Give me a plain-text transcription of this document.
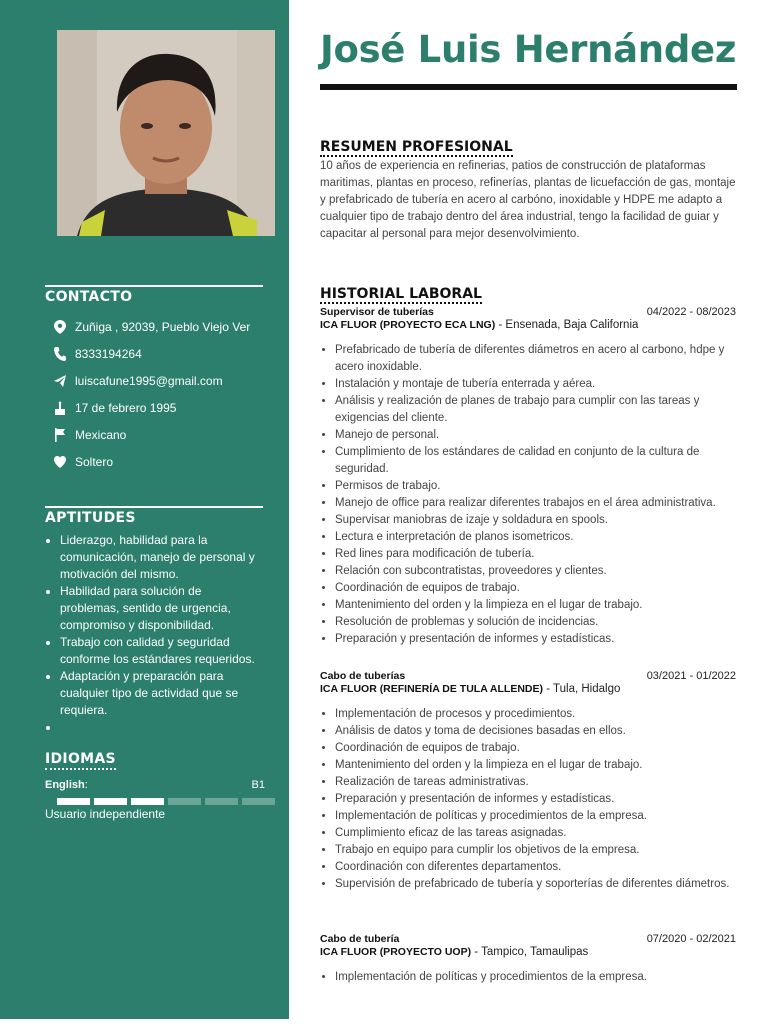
CONTACTO
Zuñiga , 92039, Pueblo Viejo Ver
8333194264
luiscafune1995@gmail.com
17 de febrero 1995
Mexicano
Soltero
APTITUDES
• Liderazgo, habilidad para la comunicación, manejo de personal y motivación del mismo.
• Habilidad para solución de problemas, sentido de urgencia, compromiso y disponibilidad.
• Trabajo con calidad y seguridad conforme los estándares requeridos.
• Adaptación y preparación para cualquier tipo de actividad que se requiera.
•
IDIOMAS
English:	B1
Usuario independiente
José Luis Hernández
RESUMEN PROFESIONAL
10 años de experiencia en refinerias, patios de construcción de plataformas maritimas, plantas en proceso, refinerías, plantas de licuefacción de gas, montaje y prefabricado de tubería en acero al carbóno, inoxidable y HDPE me adapto a cualquier tipo de trabajo dentro del área industrial, tengo la facilidad de guiar y capacitar al personal para mejor desenvolvimiento.
HISTORIAL LABORAL
Supervisor de tuberías	04/2022 - 08/2023
ICA FLUOR (PROYECTO ECA LNG) - Ensenada, Baja California
• Prefabricado de tubería de diferentes diámetros en acero al carbono, hdpe y acero inoxidable.
• Instalación y montaje de tubería enterrada y aérea.
• Análisis y realización de planes de trabajo para cumplir con las tareas y exigencias del cliente.
• Manejo de personal.
• Cumplimiento de los estándares de calidad en conjunto de la cultura de seguridad.
• Permisos de trabajo.
• Manejo de office para realizar diferentes trabajos en el área administrativa.
• Supervisar maniobras de izaje y soldadura en spools.
• Lectura e interpretación de planos isometricos.
• Red lines para modificación de tubería.
• Relación con subcontratistas, proveedores y clientes.
• Coordinación de equipos de trabajo.
• Mantenimiento del orden y la limpieza en el lugar de trabajo.
• Resolución de problemas y solución de incidencias.
• Preparación y presentación de informes y estadísticas.
Cabo de tuberías	03/2021 - 01/2022
ICA FLUOR (REFINERÍA DE TULA ALLENDE) - Tula, Hidalgo
• Implementación de procesos y procedimientos.
• Análisis de datos y toma de decisiones basadas en ellos.
• Coordinación de equipos de trabajo.
• Mantenimiento del orden y la limpieza en el lugar de trabajo.
• Realización de tareas administrativas.
• Preparación y presentación de informes y estadísticas.
• Implementación de políticas y procedimientos de la empresa.
• Cumplimiento eficaz de las tareas asignadas.
• Trabajo en equipo para cumplir los objetivos de la empresa.
• Coordinación con diferentes departamentos.
• Supervisión de prefabricado de tubería y soporterías de diferentes diámetros.
Cabo de tubería	07/2020 - 02/2021
ICA FLUOR (PROYECTO UOP) - Tampico, Tamaulipas
• Implementación de políticas y procedimientos de la empresa.
